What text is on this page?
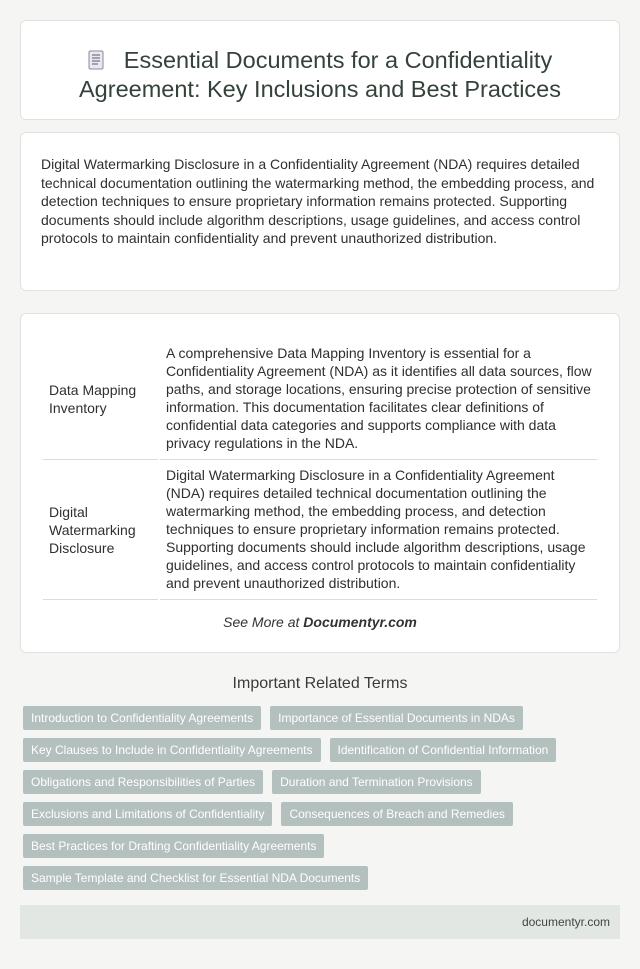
Essential Documents for a Confidentiality Agreement: Key Inclusions and Best Practices

Digital Watermarking Disclosure in a Confidentiality Agreement (NDA) requires detailed technical documentation outlining the watermarking method, the embedding process, and detection techniques to ensure proprietary information remains protected. Supporting documents should include algorithm descriptions, usage guidelines, and access control protocols to maintain confidentiality and prevent unauthorized distribution.

Data Mapping Inventory	A comprehensive Data Mapping Inventory is essential for a Confidentiality Agreement (NDA) as it identifies all data sources, flow paths, and storage locations, ensuring precise protection of sensitive information. This documentation facilitates clear definitions of confidential data categories and supports compliance with data privacy regulations in the NDA.
Digital Watermarking Disclosure	Digital Watermarking Disclosure in a Confidentiality Agreement (NDA) requires detailed technical documentation outlining the watermarking method, the embedding process, and detection techniques to ensure proprietary information remains protected. Supporting documents should include algorithm descriptions, usage guidelines, and access control protocols to maintain confidentiality and prevent unauthorized distribution.
See More at Documentyr.com
Important Related Terms
Introduction to Confidentiality Agreements	Importance of Essential Documents in NDAs
Key Clauses to Include in Confidentiality Agreements	Identification of Confidential Information
Obligations and Responsibilities of Parties	Duration and Termination Provisions
Exclusions and Limitations of Confidentiality	Consequences of Breach and Remedies
Best Practices for Drafting Confidentiality Agreements
Sample Template and Checklist for Essential NDA Documents
documentyr.com
